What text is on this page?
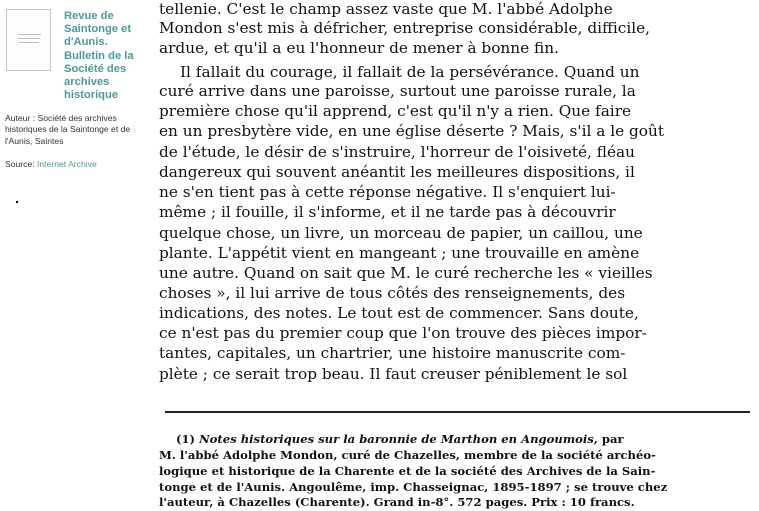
Revue de Saintonge et d'Aunis. Bulletin de la Société des archives historique
Auteur : Société des archives historiques de la Saintonge et de l'Aunis, Saintes
Source: Internet Archive
tellenie. C'est le champ assez vaste que M. l'abbé Adolphe
Mondon s'est mis à défricher, entreprise considérable, difficile,
ardue, et qu'il a eu l'honneur de mener à bonne fin.
Il fallait du courage, il fallait de la persévérance. Quand un
curé arrive dans une paroisse, surtout une paroisse rurale, la
première chose qu'il apprend, c'est qu'il n'y a rien. Que faire
en un presbytère vide, en une église déserte ? Mais, s'il a le goût
de l'étude, le désir de s'instruire, l'horreur de l'oisiveté, fléau
dangereux qui souvent anéantit les meilleures dispositions, il
ne s'en tient pas à cette réponse négative. Il s'enquiert lui-
même ; il fouille, il s'informe, et il ne tarde pas à découvrir
quelque chose, un livre, un morceau de papier, un caillou, une
plante. L'appétit vient en mangeant ; une trouvaille en amène
une autre. Quand on sait que M. le curé recherche les « vieilles
choses », il lui arrive de tous côtés des renseignements, des
indications, des notes. Le tout est de commencer. Sans doute,
ce n'est pas du premier coup que l'on trouve des pièces impor-
tantes, capitales, un chartrier, une histoire manuscrite com-
plète ; ce serait trop beau. Il faut creuser péniblement le sol
(1) Notes historiques sur la baronnie de Marthon en Angoumois, par
M. l'abbé Adolphe Mondon, curé de Chazelles, membre de la société archéo-
logique et historique de la Charente et de la société des Archives de la Sain-
tonge et de l'Aunis. Angoulême, imp. Chasseignac, 1895-1897 ; se trouve chez
l'auteur, à Chazelles (Charente). Grand in-8°. 572 pages. Prix : 10 francs.
